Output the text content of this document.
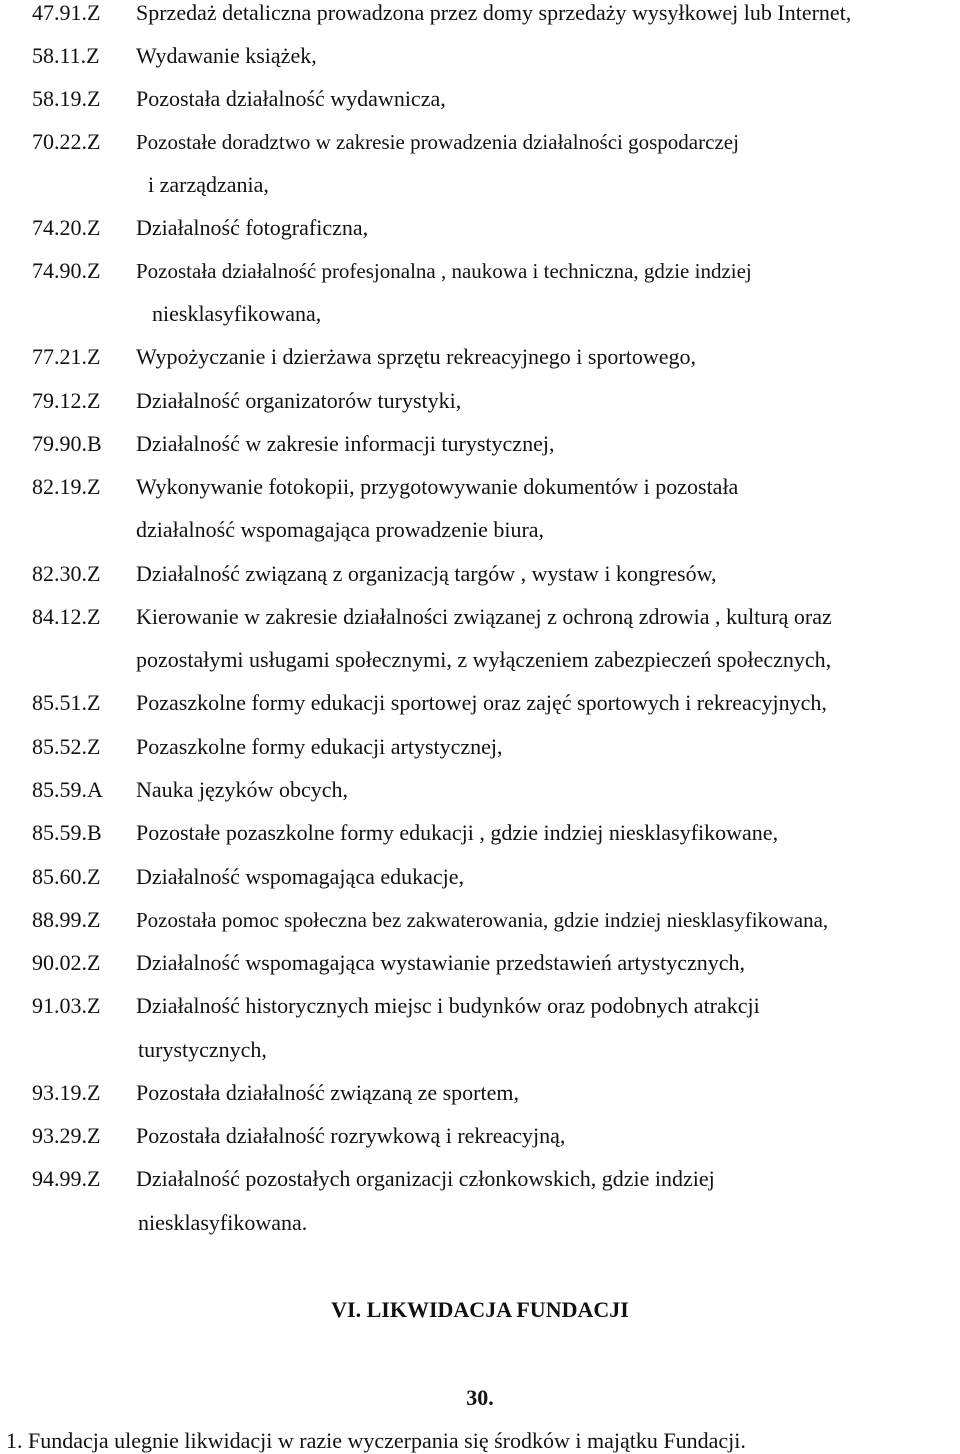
47.91.Z Sprzedaż detaliczna prowadzona przez domy sprzedaży wysyłkowej lub Internet,
58.11.Z Wydawanie książek,
58.19.Z Pozostała działalność wydawnicza,
70.22.Z Pozostałe doradztwo w zakresie prowadzenia działalności gospodarczej
i zarządzania,
74.20.Z Działalność fotograficzna,
74.90.Z Pozostała działalność profesjonalna , naukowa i techniczna, gdzie indziej
niesklasyfikowana,
77.21.Z Wypożyczanie i dzierżawa sprzętu rekreacyjnego i sportowego,
79.12.Z Działalność organizatorów turystyki,
79.90.B Działalność w zakresie informacji turystycznej,
82.19.Z Wykonywanie fotokopii, przygotowywanie dokumentów i pozostała
działalność wspomagająca prowadzenie biura,
82.30.Z Działalność związaną z organizacją targów , wystaw i kongresów,
84.12.Z Kierowanie w zakresie działalności związanej z ochroną zdrowia , kulturą oraz
pozostałymi usługami społecznymi, z wyłączeniem zabezpieczeń społecznych,
85.51.Z Pozaszkolne formy edukacji sportowej oraz zajęć sportowych i rekreacyjnych,
85.52.Z Pozaszkolne formy edukacji artystycznej,
85.59.A Nauka języków obcych,
85.59.B Pozostałe pozaszkolne formy edukacji , gdzie indziej niesklasyfikowane,
85.60.Z Działalność wspomagająca edukacje,
88.99.Z Pozostała pomoc społeczna bez zakwaterowania, gdzie indziej niesklasyfikowana,
90.02.Z Działalność wspomagająca wystawianie przedstawień artystycznych,
91.03.Z Działalność historycznych miejsc i budynków oraz podobnych atrakcji
turystycznych,
93.19.Z Pozostała działalność związaną ze sportem,
93.29.Z Pozostała działalność rozrywkową i rekreacyjną,
94.99.Z Działalność pozostałych organizacji członkowskich, gdzie indziej
niesklasyfikowana.
VI. LIKWIDACJA FUNDACJI
30.
1. Fundacja ulegnie likwidacji w razie wyczerpania się środków i majątku Fundacji.
